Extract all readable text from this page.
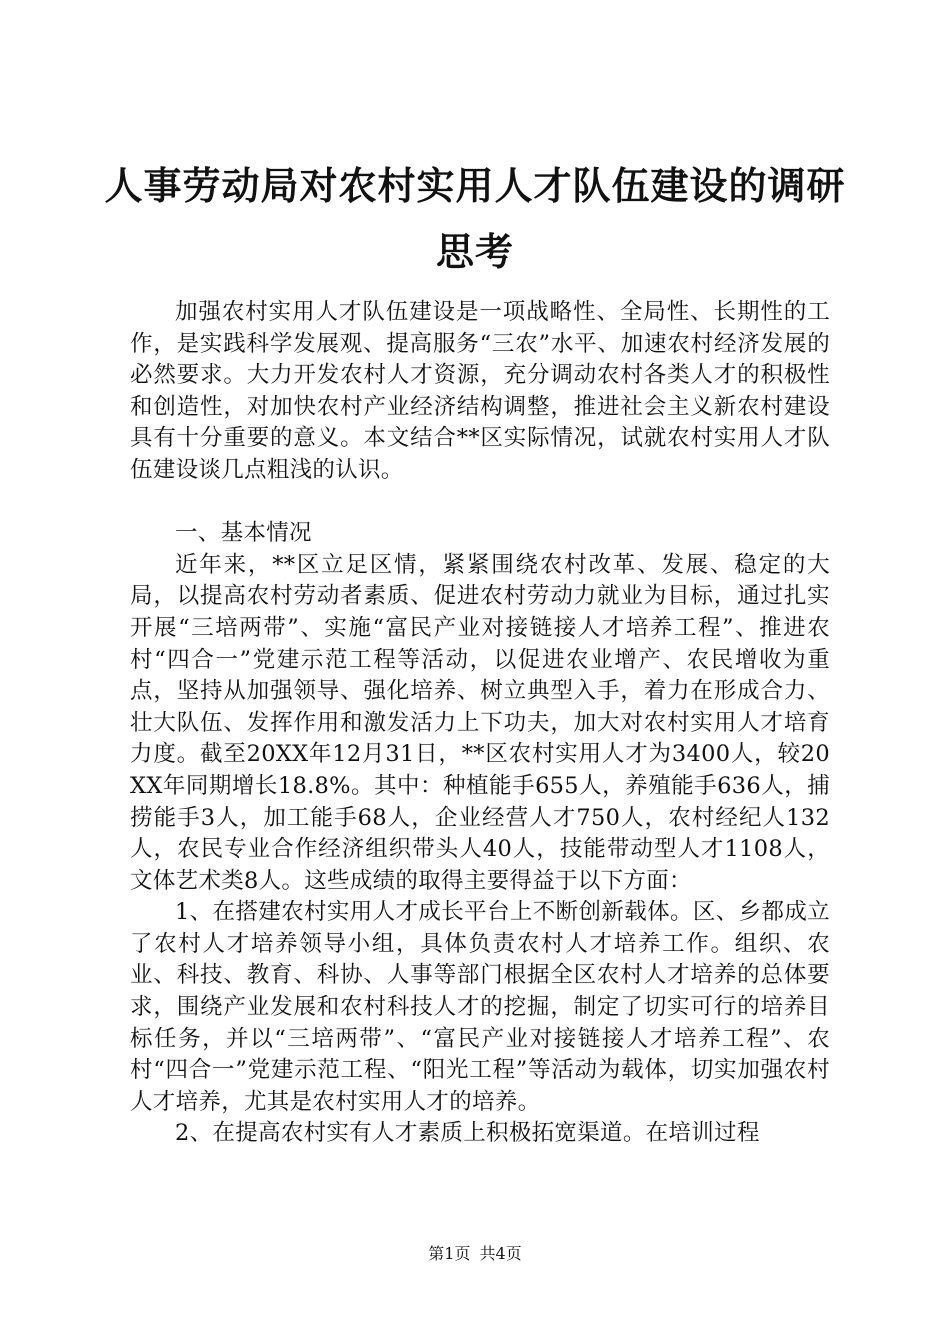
人事劳动局对农村实用人才队伍建设的调研思考

加强农村实用人才队伍建设是一项战略性、全局性、长期性的工作，是实践科学发展观、提高服务“三农”水平、加速农村经济发展的必然要求。大力开发农村人才资源，充分调动农村各类人才的积极性和创造性，对加快农村产业经济结构调整，推进社会主义新农村建设具有十分重要的意义。本文结合**区实际情况，试就农村实用人才队伍建设谈几点粗浅的认识。

一、基本情况

近年来，**区立足区情，紧紧围绕农村改革、发展、稳定的大局，以提高农村劳动者素质、促进农村劳动力就业为目标，通过扎实开展“三培两带”、实施“富民产业对接链接人才培养工程”、推进农村“四合一”党建示范工程等活动，以促进农业增产、农民增收为重点，坚持从加强领导、强化培养、树立典型入手，着力在形成合力、壮大队伍、发挥作用和激发活力上下功夫，加大对农村实用人才培育力度。截至20XX年12月31日，**区农村实用人才为3400人，较20XX年同期增长18.8%。其中：种植能手655人，养殖能手636人，捕捞能手3人，加工能手68人，企业经营人才750人，农村经纪人132人，农民专业合作经济组织带头人40人，技能带动型人才1108人，文体艺术类8人。这些成绩的取得主要得益于以下方面：

1、在搭建农村实用人才成长平台上不断创新载体。区、乡都成立了农村人才培养领导小组，具体负责农村人才培养工作。组织、农业、科技、教育、科协、人事等部门根据全区农村人才培养的总体要求，围绕产业发展和农村科技人才的挖掘，制定了切实可行的培养目标任务，并以“三培两带”、“富民产业对接链接人才培养工程”、农村“四合一”党建示范工程、“阳光工程”等活动为载体，切实加强农村人才培养，尤其是农村实用人才的培养。

2、在提高农村实有人才素质上积极拓宽渠道。在培训过程

第1页 共4页
